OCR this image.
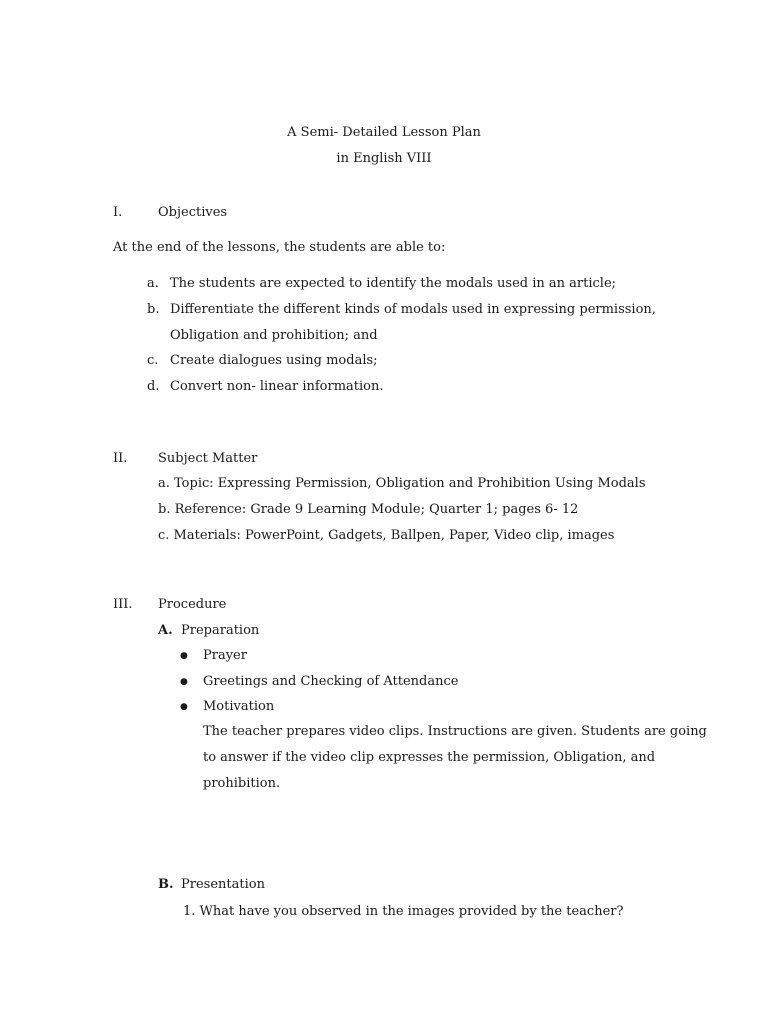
A Semi- Detailed Lesson Plan
in English VIII
I.	Objectives
At the end of the lessons, the students are able to:
a. The students are expected to identify the modals used in an article;
b. Differentiate the different kinds of modals used in expressing permission,
Obligation and prohibition; and
c. Create dialogues using modals;
d. Convert non- linear information.
II. Subject Matter
a. Topic: Expressing Permission, Obligation and Prohibition Using Modals
b. Reference: Grade 9 Learning Module; Quarter 1; pages 6- 12
c. Materials: PowerPoint, Gadgets, Ballpen, Paper, Video clip, images
III. Procedure
A. Preparation
● Prayer
● Greetings and Checking of Attendance
● Motivation
The teacher prepares video clips. Instructions are given. Students are going
to answer if the video clip expresses the permission, Obligation, and
prohibition.
B. Presentation
1. What have you observed in the images provided by the teacher?
